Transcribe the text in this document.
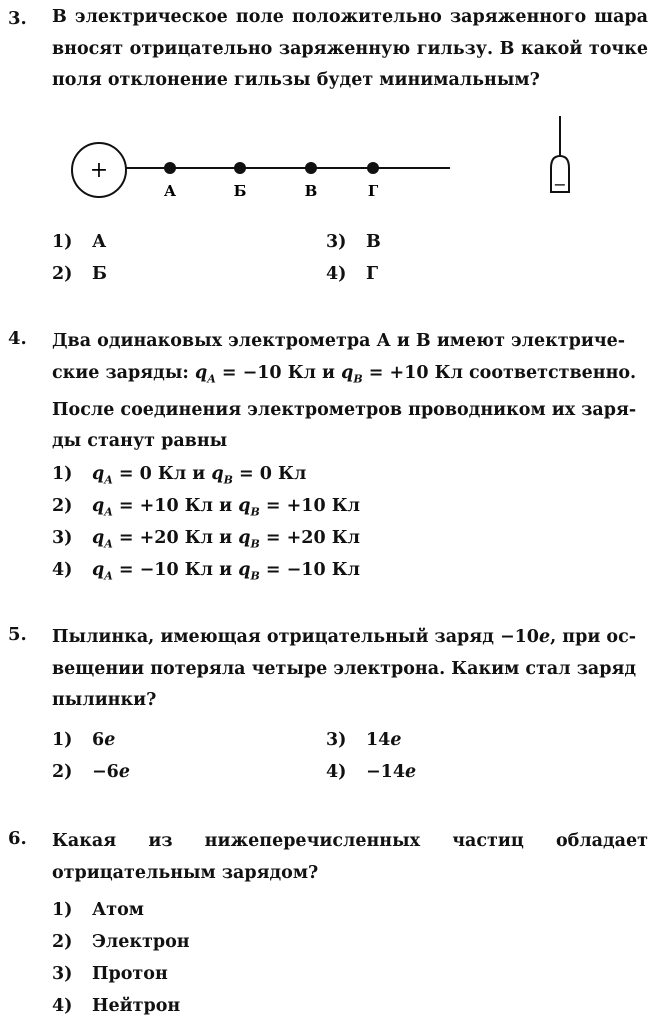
3. В электрическое поле положительно заряженного шара вносят отрицательно заряженную гильзу. В какой точке поля отклонение гильзы будет минимальным?
+
А	Б	В	Г	−
1) А
2) Б
3) В
4) Г
4. Два одинаковых электрометра А и В имеют электриче-
ские заряды: $q_A = -10$ Кл и $q_B = +10$ Кл соответственно.
После соединения электрометров проводником их заря-
ды станут равны
1) $q_A = 0$ Кл и $q_B = 0$ Кл
2) $q_A = +10$ Кл и $q_B = +10$ Кл
3) $q_A = +20$ Кл и $q_B = +20$ Кл
4) $q_A = -10$ Кл и $q_B = -10$ Кл
5. Пылинка, имеющая отрицательный заряд −10e, при ос-
вещении потеряла четыре электрона. Каким стал заряд
пылинки?
1) 6e
2) −6e
3) 14e
4) −14e
6. Какая из нижеперечисленных частиц обладает отрицательным зарядом?
1) Атом
2) Электрон
3) Протон
4) Нейтрон
